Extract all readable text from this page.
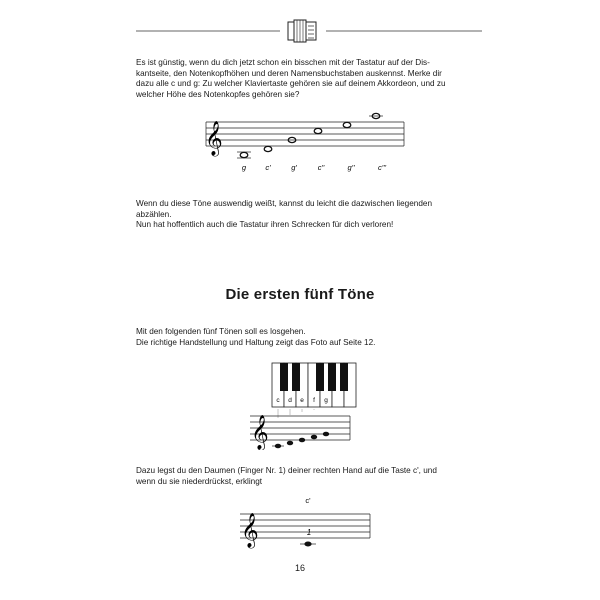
Es ist günstig, wenn du dich jetzt schon ein bisschen mit der Tastatur auf der Dis-
kantseite, den Notenkopfhöhen und deren Namensbuchstaben auskennst. Merke dir
dazu alle c und g: Zu welcher Klaviertaste gehören sie auf deinem Akkordeon, und zu
welcher Höhe des Notenkopfes gehören sie?
𝄞
g	c'	g'	c''	g''	c'''
Wenn du diese Töne auswendig weißt, kannst du leicht die dazwischen liegenden
abzählen.
Nun hat hoffentlich auch die Tastatur ihren Schrecken für dich verloren!
Die ersten fünf Töne
Mit den folgenden fünf Tönen soll es losgehen.
Die richtige Handstellung und Haltung zeigt das Foto auf Seite 12.
c d e f g
𝄞
Dazu legst du den Daumen (Finger Nr. 1) deiner rechten Hand auf die Taste c', und
wenn du sie niederdrückst, erklingt
c'
𝄞	1
16
